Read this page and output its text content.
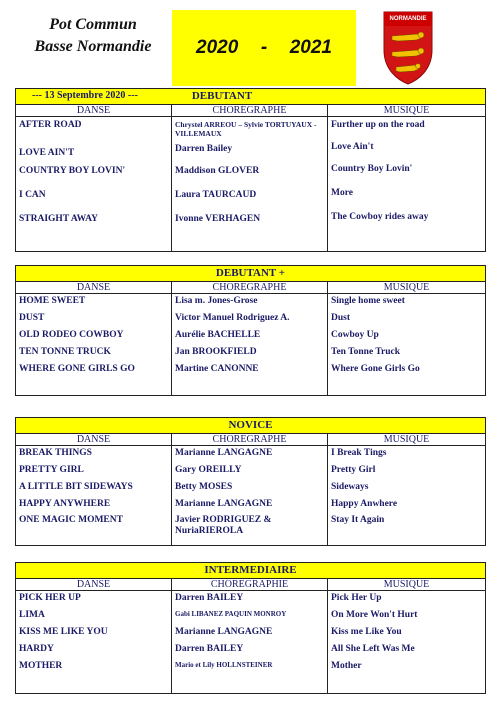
Pot Commun
Basse Normandie	2020  -  2021
NORMANDIE
--- 13 Septembre 2020 ---	DEBUTANT
DANSE
AFTER ROAD
LOVE AIN'T
COUNTRY BOY LOVIN'
I CAN
STRAIGHT AWAY
CHOREGRAPHE
Chrystel ARREOU – Sylvie TORTUYAUX - VILLEMAUX
Darren Bailey
Maddison GLOVER
Laura TAURCAUD
Ivonne VERHAGEN
MUSIQUE
Further up on the road
Love Ain't
Country Boy Lovin'
More
The Cowboy rides away
DEBUTANT +
DANSE
HOME SWEET
DUST
OLD RODEO COWBOY
TEN TONNE TRUCK
WHERE GONE GIRLS GO
CHOREGRAPHE
Lisa m. Jones-Grose
Victor Manuel Rodriguez A.
Aurélie BACHELLE
Jan BROOKFIELD
Martine CANONNE
MUSIQUE
Single home sweet
Dust
Cowboy Up
Ten Tonne Truck
Where Gone Girls Go
NOVICE
DANSE
BREAK THINGS
PRETTY GIRL
A LITTLE BIT SIDEWAYS
HAPPY ANYWHERE
ONE MAGIC MOMENT
CHOREGRAPHE
Marianne LANGAGNE
Gary OREILLY
Betty MOSES
Marianne LANGAGNE
Javier RODRIGUEZ & NuriaRIEROLA
MUSIQUE
I Break Tings
Pretty Girl
Sideways
Happy Anwhere
Stay It Again
INTERMEDIAIRE
DANSE
PICK HER UP
LIMA
KISS ME LIKE YOU
HARDY
MOTHER
CHOREGRAPHIE
Darren BAILEY
Gabi LIBANEZ PAQUIN MONROY
Marianne LANGAGNE
Darren BAILEY
Mario et Lily HOLLNSTEINER
MUSIQUE
Pick Her Up
On More Won't Hurt
Kiss me Like You
All She Left Was Me
Mother
